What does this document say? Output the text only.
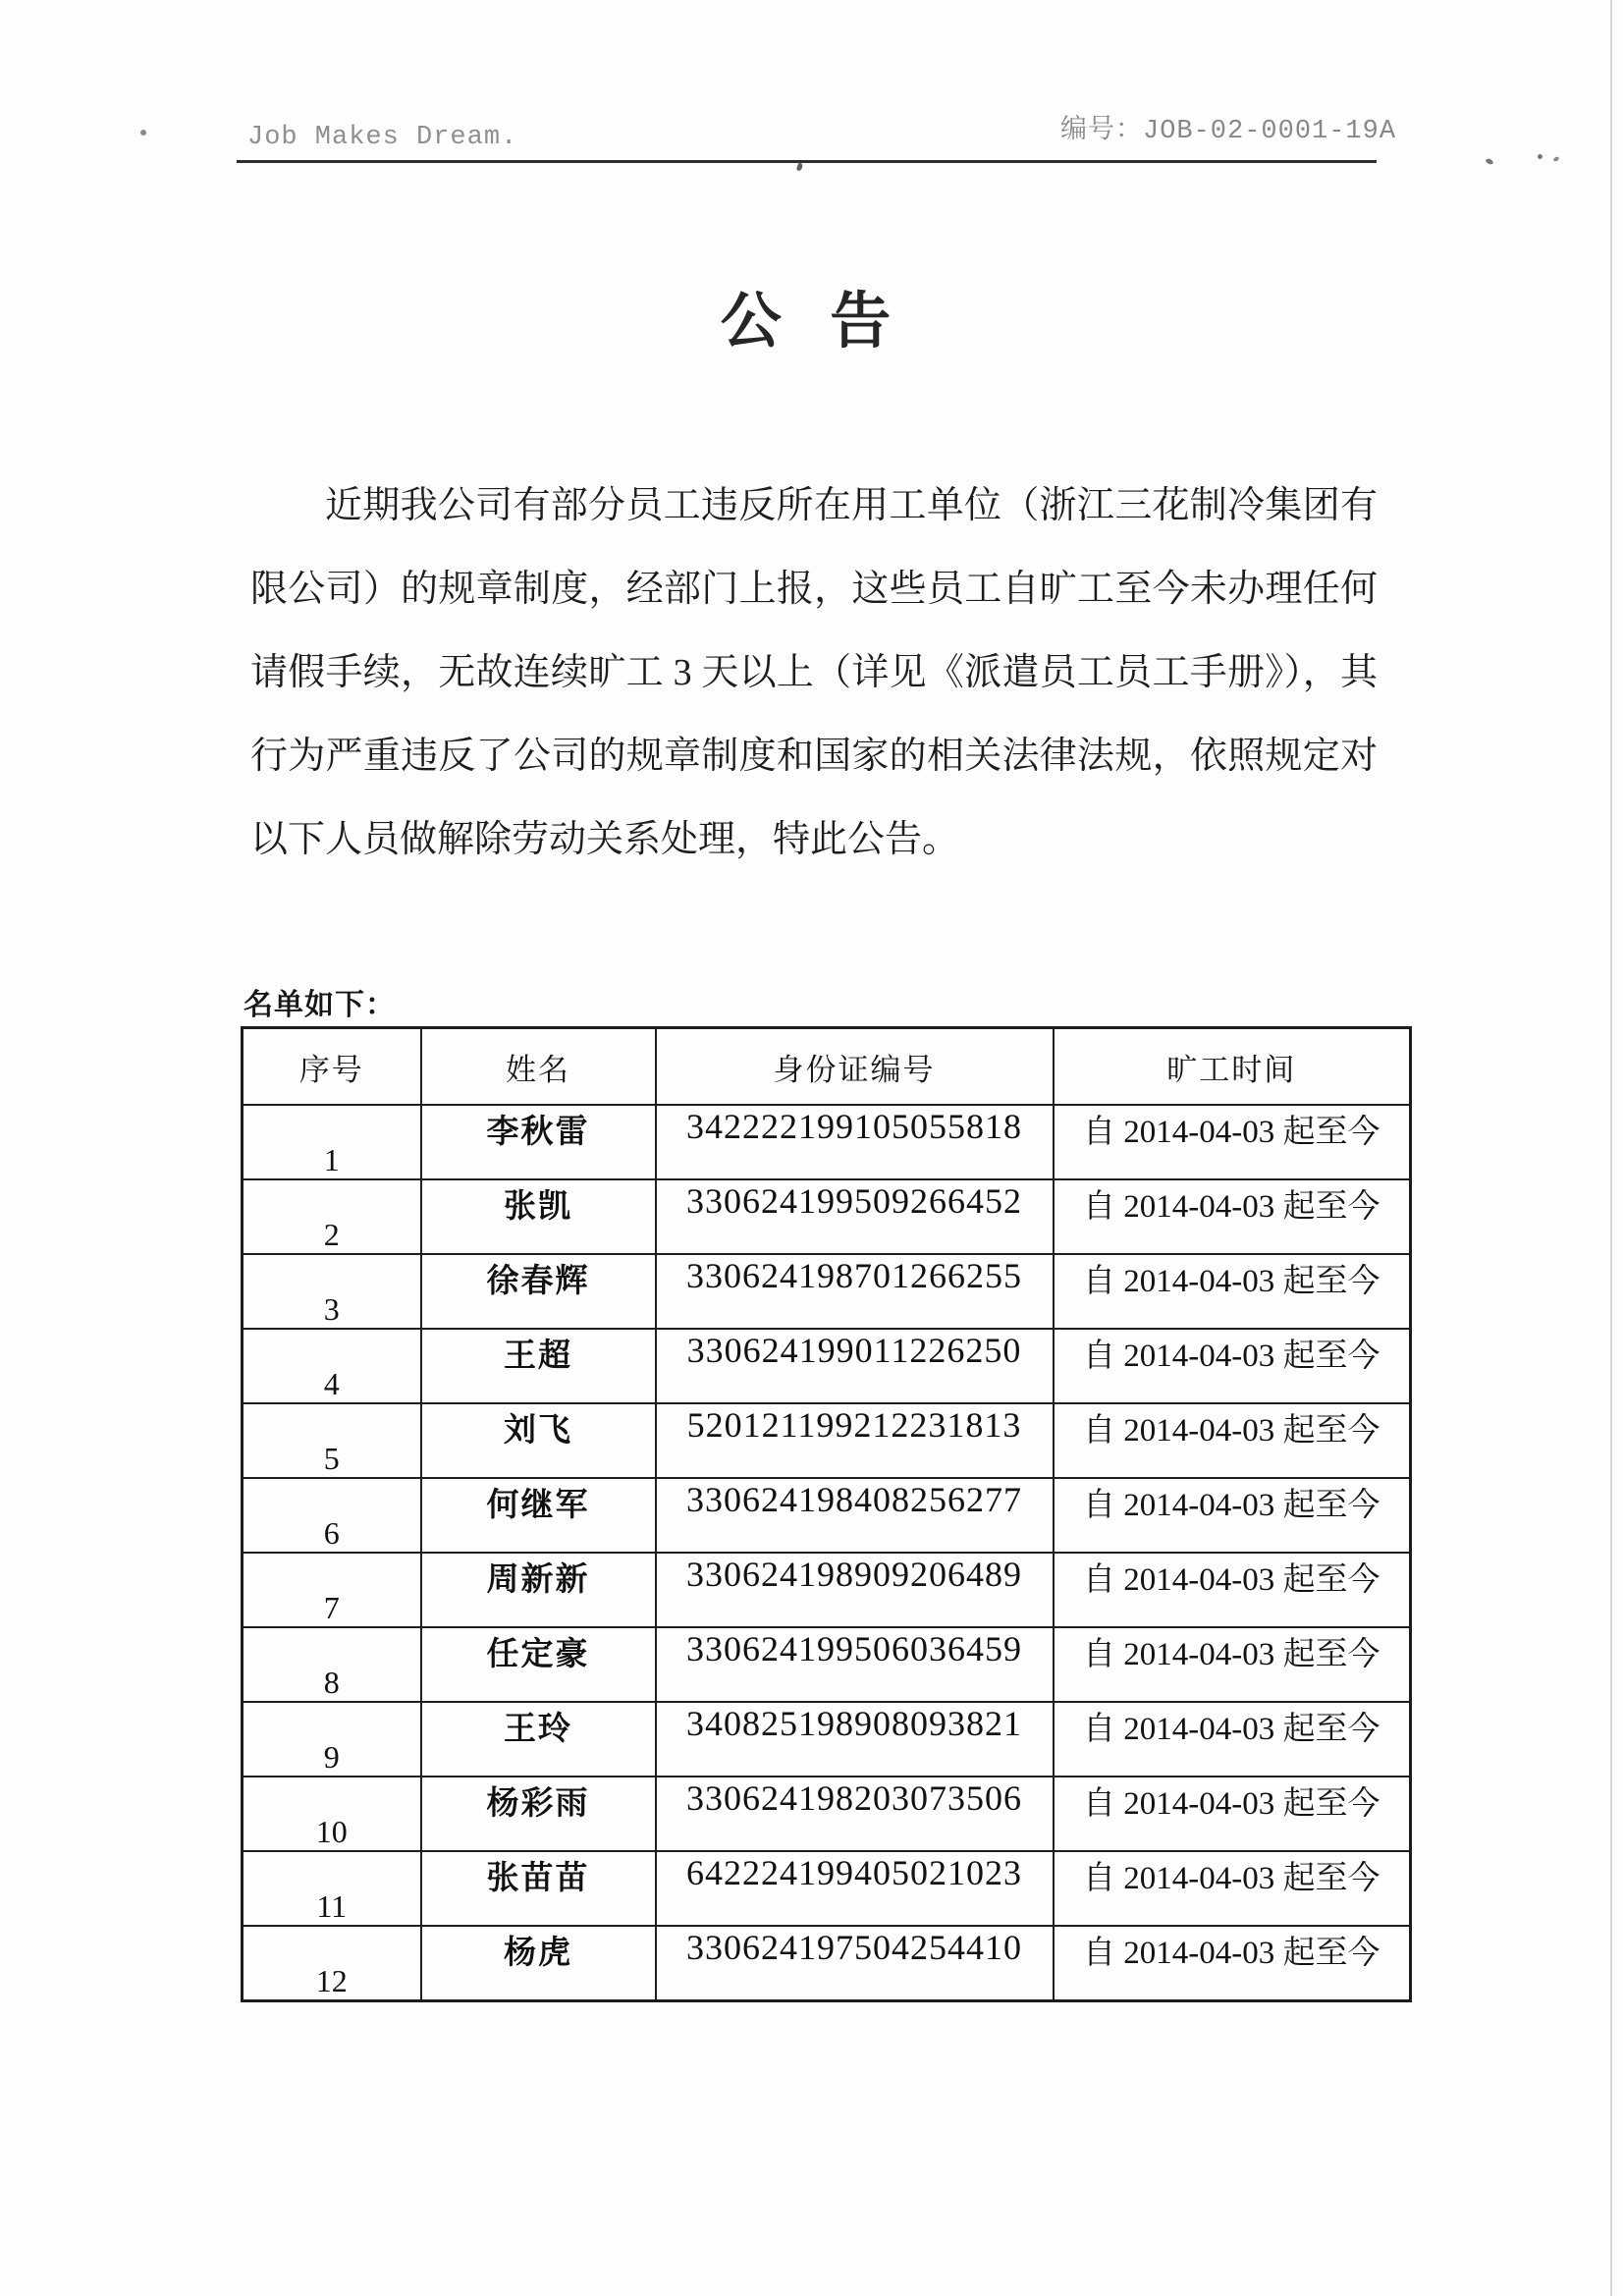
Job Makes Dream.	编号：JOB-02-0001-19A
公 告
近期我公司有部分员工违反所在用工单位（浙江三花制冷集团有
限公司）的规章制度，经部门上报，这些员工自旷工至今未办理任何
请假手续，无故连续旷工 3 天以上（详见《派遣员工员工手册》），其
行为严重违反了公司的规章制度和国家的相关法律法规，依照规定对
以下人员做解除劳动关系处理，特此公告。
名单如下：
序号	姓名	身份证编号	旷工时间
1	李秋雷	342222199105055818	自 2014-04-03 起至今
2	张凯	330624199509266452	自 2014-04-03 起至今
3	徐春辉	330624198701266255	自 2014-04-03 起至今
4	王超	330624199011226250	自 2014-04-03 起至今
5	刘飞	520121199212231813	自 2014-04-03 起至今
6	何继军	330624198408256277	自 2014-04-03 起至今
7	周新新	330624198909206489	自 2014-04-03 起至今
8	任定豪	330624199506036459	自 2014-04-03 起至今
9	王玲	340825198908093821	自 2014-04-03 起至今
10	杨彩雨	330624198203073506	自 2014-04-03 起至今
11	张苗苗	642224199405021023	自 2014-04-03 起至今
12	杨虎	330624197504254410	自 2014-04-03 起至今
